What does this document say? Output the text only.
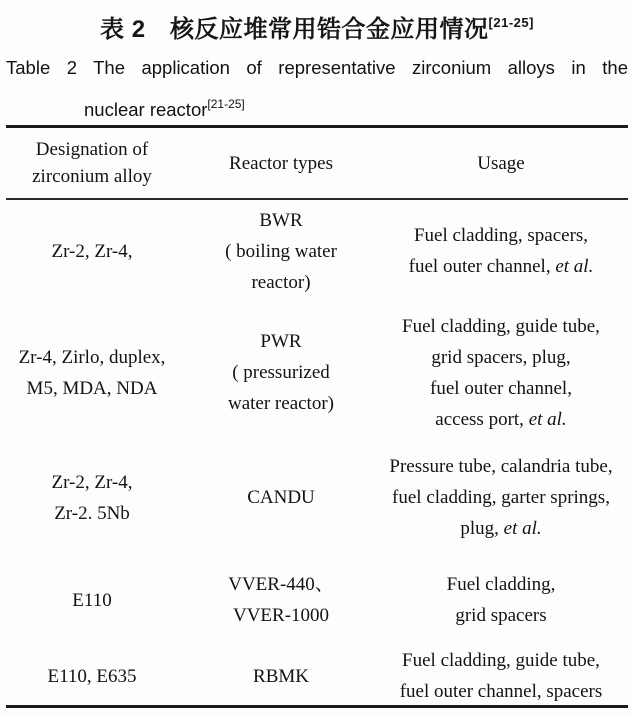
表 2　核反应堆常用锆合金应用情况[21-25]
Table 2 The application of representative zirconium alloys in the
nuclear reactor[21-25]
Designation of
zirconium alloy
Reactor types	Usage
Zr-2, Zr-4,
BWR
( boiling water
reactor)
Fuel cladding, spacers,
fuel outer channel, et al.
Zr-4, Zirlo, duplex,
M5, MDA, NDA
PWR
( pressurized
water reactor)
Fuel cladding, guide tube,
grid spacers, plug,
fuel outer channel,
access port, et al.
Zr-2, Zr-4,
Zr-2. 5Nb
CANDU
Pressure tube, calandria tube,
fuel cladding, garter springs,
plug, et al.
E110
VVER-440、
VVER-1000
Fuel cladding,
grid spacers
E110, E635	RBMK
Fuel cladding, guide tube,
fuel outer channel, spacers
